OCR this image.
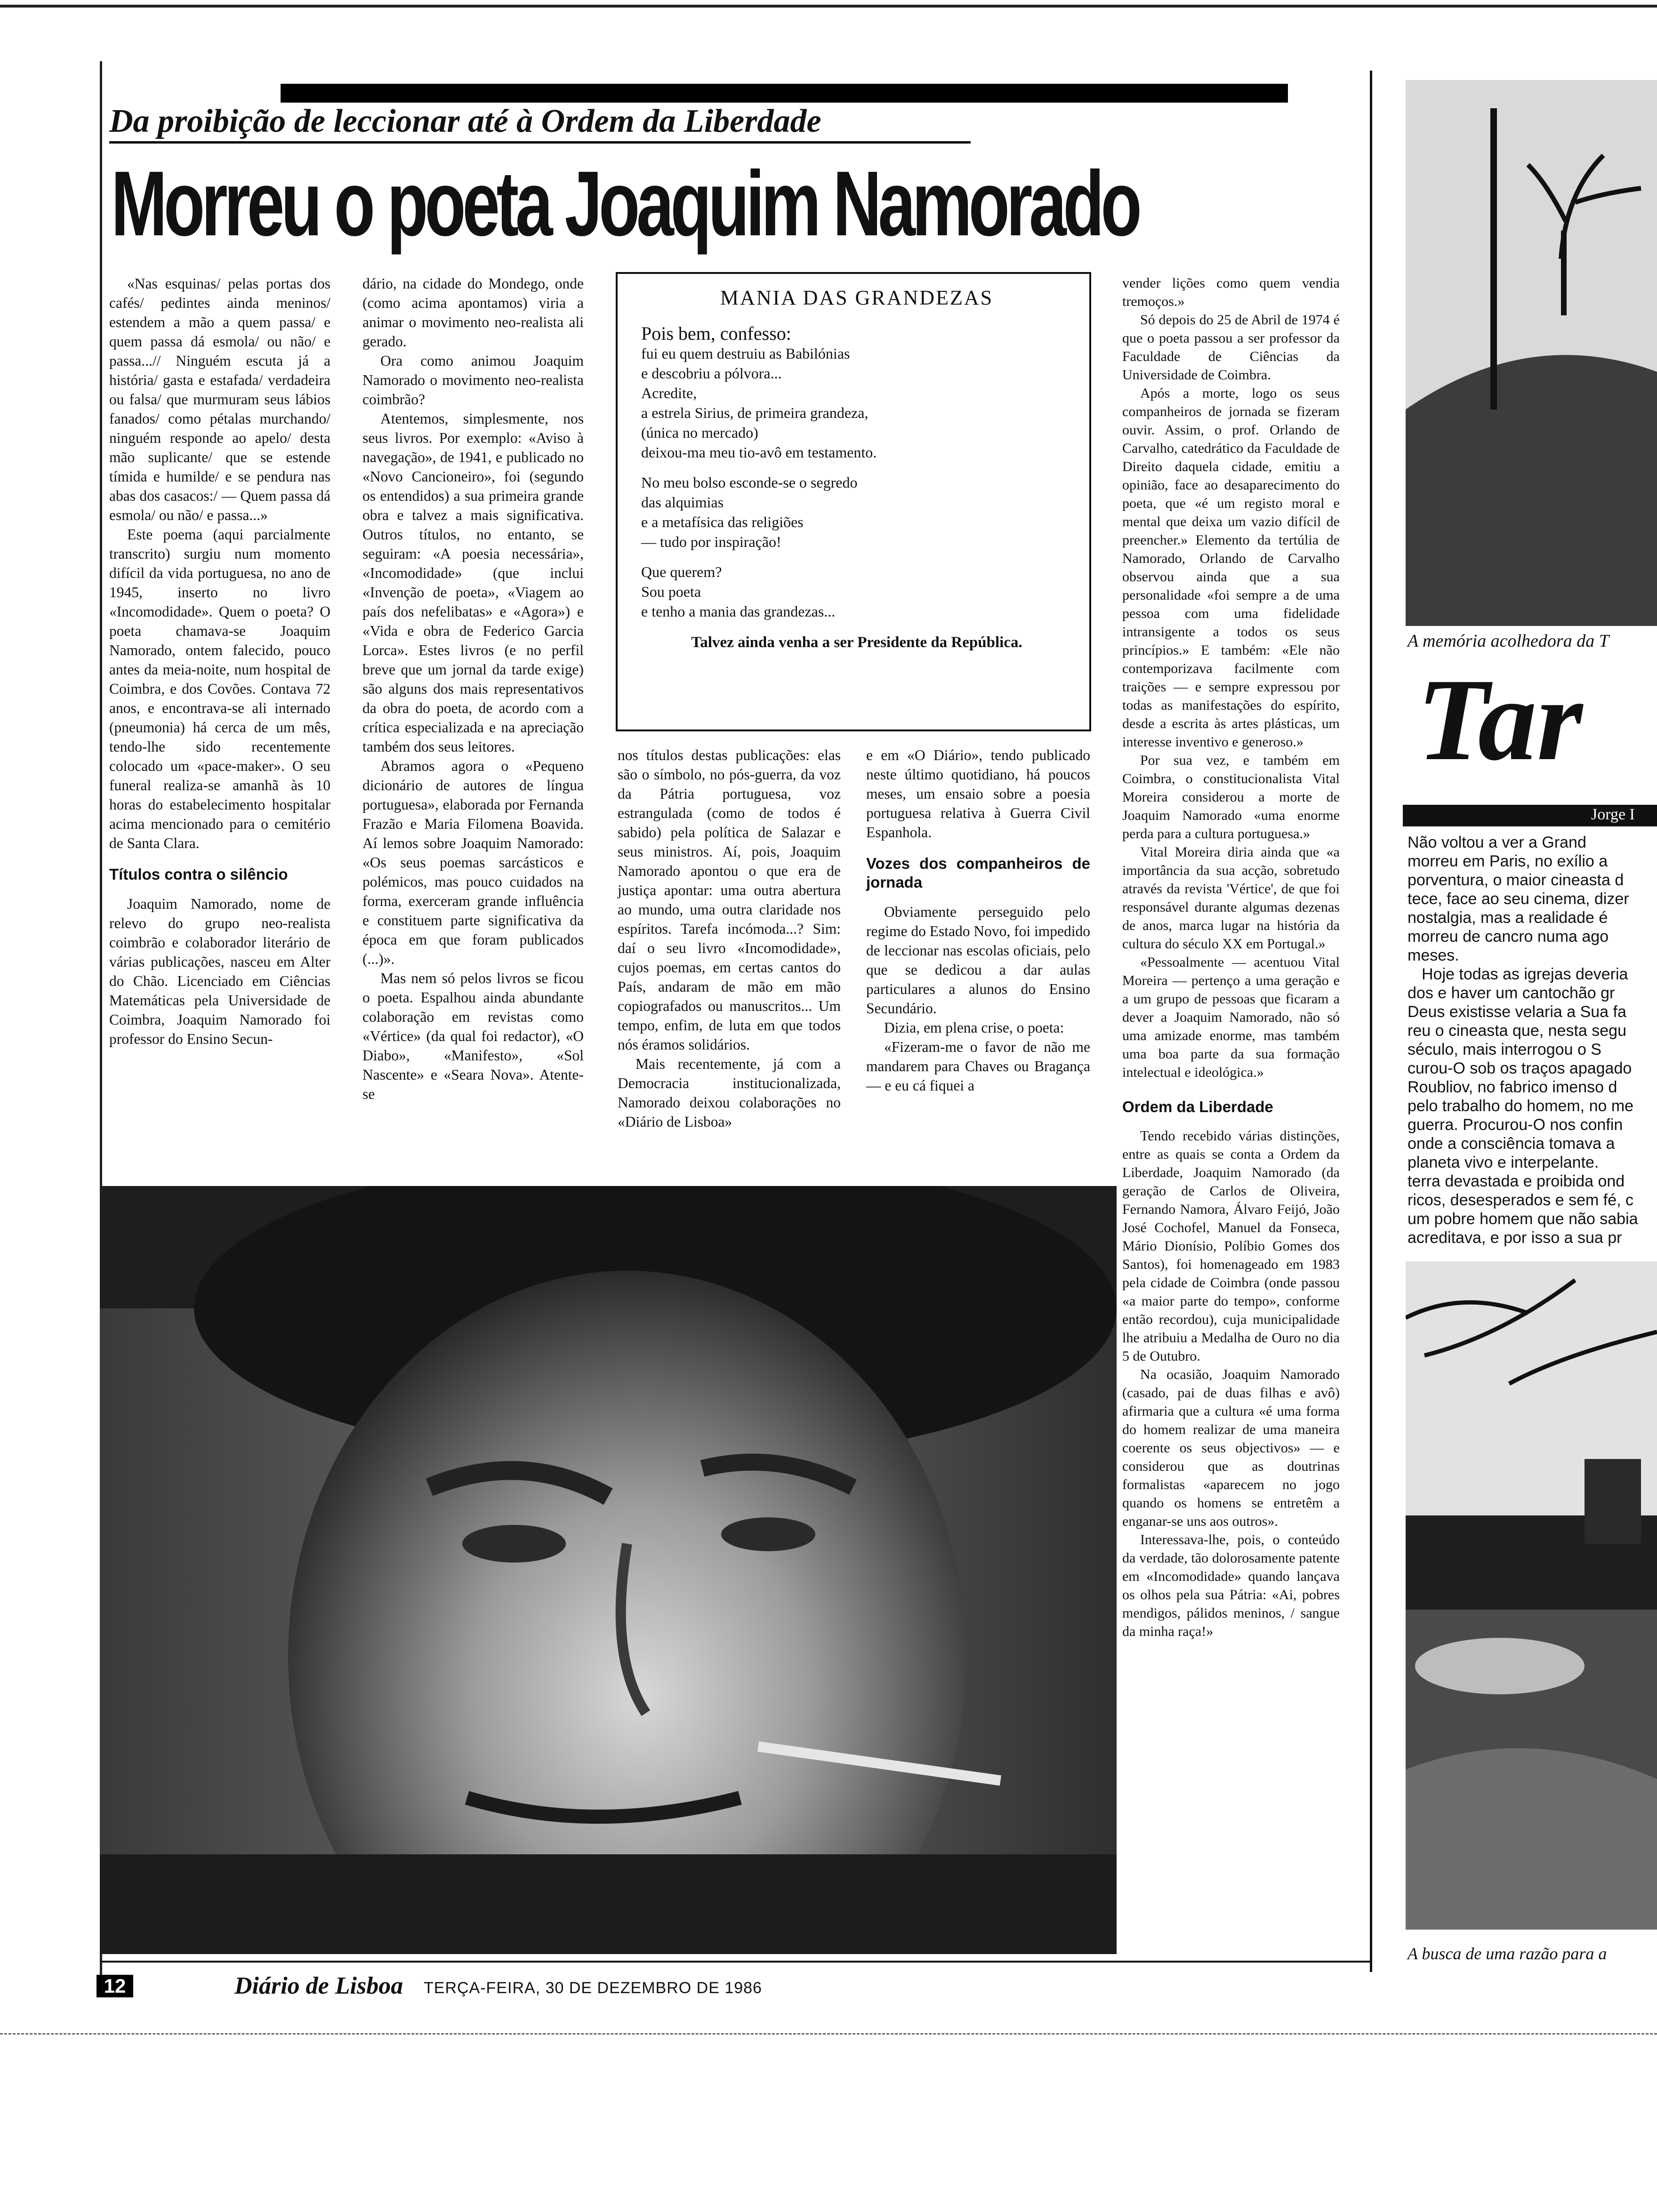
Da proibição de leccionar até à Ordem da Liberdade
Morreu o poeta Joaquim Namorado

«Nas esquinas/ pelas portas dos cafés/ pedintes ainda meninos/ estendem a mão a quem passa/ e quem passa dá esmola/ ou não/ e passa...// Ninguém escuta já a história/ gasta e estafada/ verdadeira ou falsa/ que murmuram seus lábios fanados/ como pétalas murchando/ ninguém responde ao apelo/ desta mão suplicante/ que se estende tímida e humilde/ e se pendura nas abas dos casacos:/ — Quem passa dá esmola/ ou não/ e passa...»

Este poema (aqui parcialmente transcrito) surgiu num momento difícil da vida portuguesa, no ano de 1945, inserto no livro «Incomodidade». Quem o poeta? O poeta chamava-se Joaquim Namorado, ontem falecido, pouco antes da meia-noite, num hospital de Coimbra, e dos Covões. Contava 72 anos, e encontrava-se ali internado (pneumonia) há cerca de um mês, tendo-lhe sido recentemente colocado um «pace-maker». O seu funeral realiza-se amanhã às 10 horas do estabelecimento hospitalar acima mencionado para o cemitério de Santa Clara.

Títulos contra o silêncio

Joaquim Namorado, nome de relevo do grupo neo-realista coimbrão e colaborador literário de várias publicações, nasceu em Alter do Chão. Licenciado em Ciências Matemáticas pela Universidade de Coimbra, Joaquim Namorado foi professor do Ensino Secun-

dário, na cidade do Mondego, onde (como acima apontamos) viria a animar o movimento neo-realista ali gerado.

Ora como animou Joaquim Namorado o movimento neo-realista coimbrão?

Atentemos, simplesmente, nos seus livros. Por exemplo: «Aviso à navegação», de 1941, e publicado no «Novo Cancioneiro», foi (segundo os entendidos) a sua primeira grande obra e talvez a mais significativa. Outros títulos, no entanto, se seguiram: «A poesia necessária», «Incomodidade» (que inclui «Invenção de poeta», «Viagem ao país dos nefelibatas» e «Agora») e «Vida e obra de Federico Garcia Lorca». Estes livros (e no perfil breve que um jornal da tarde exige) são alguns dos mais representativos da obra do poeta, de acordo com a crítica especializada e na apreciação também dos seus leitores.

Abramos agora o «Pequeno dicionário de autores de língua portuguesa», elaborada por Fernanda Frazão e Maria Filomena Boavida. Aí lemos sobre Joaquim Namorado: «Os seus poemas sarcásticos e polémicos, mas pouco cuidados na forma, exerceram grande influência e constituem parte significativa da época em que foram publicados (...)».

Mas nem só pelos livros se ficou o poeta. Espalhou ainda abundante colaboração em revistas como «Vértice» (da qual foi redactor), «O Diabo», «Manifesto», «Sol Nascente» e «Seara Nova». Atente-se

MANIA DAS GRANDEZAS
Pois bem, confesso:
fui eu quem destruiu as Babilónias
e descobriu a pólvora...
Acredite,
a estrela Sirius, de primeira grandeza,
(única no mercado)
deixou-ma meu tio-avô em testamento.
No meu bolso esconde-se o segredo
das alquimias
e a metafísica das religiões
— tudo por inspiração!
Que querem?
Sou poeta
e tenho a mania das grandezas...
Talvez ainda venha a ser Presidente da República.

nos títulos destas publicações: elas são o símbolo, no pós-guerra, da voz da Pátria portuguesa, voz estrangulada (como de todos é sabido) pela política de Salazar e seus ministros. Aí, pois, Joaquim Namorado apontou o que era de justiça apontar: uma outra abertura ao mundo, uma outra claridade nos espíritos. Tarefa incómoda...? Sim: daí o seu livro «Incomodidade», cujos poemas, em certas cantos do País, andaram de mão em mão copiografados ou manuscritos... Um tempo, enfim, de luta em que todos nós éramos solidários.

Mais recentemente, já com a Democracia institucionalizada, Namorado deixou colaborações no «Diário de Lisboa»

e em «O Diário», tendo publicado neste último quotidiano, há poucos meses, um ensaio sobre a poesia portuguesa relativa à Guerra Civil Espanhola.

Vozes dos companheiros de jornada

Obviamente perseguido pelo regime do Estado Novo, foi impedido de leccionar nas escolas oficiais, pelo que se dedicou a dar aulas particulares a alunos do Ensino Secundário.

Dizia, em plena crise, o poeta:

«Fizeram-me o favor de não me mandarem para Chaves ou Bragança — e eu cá fiquei a

vender lições como quem vendia tremoços.»

Só depois do 25 de Abril de 1974 é que o poeta passou a ser professor da Faculdade de Ciências da Universidade de Coimbra.

Após a morte, logo os seus companheiros de jornada se fizeram ouvir. Assim, o prof. Orlando de Carvalho, catedrático da Faculdade de Direito daquela cidade, emitiu a opinião, face ao desaparecimento do poeta, que «é um registo moral e mental que deixa um vazio difícil de preencher.» Elemento da tertúlia de Namorado, Orlando de Carvalho observou ainda que a sua personalidade «foi sempre a de uma pessoa com uma fidelidade intransigente a todos os seus princípios.» E também: «Ele não contemporizava facilmente com traições — e sempre expressou por todas as manifestações do espírito, desde a escrita às artes plásticas, um interesse inventivo e generoso.»

Por sua vez, e também em Coimbra, o constitucionalista Vital Moreira considerou a morte de Joaquim Namorado «uma enorme perda para a cultura portuguesa.»

Vital Moreira diria ainda que «a importância da sua acção, sobretudo através da revista 'Vértice', de que foi responsável durante algumas dezenas de anos, marca lugar na história da cultura do século XX em Portugal.»

«Pessoalmente — acentuou Vital Moreira — pertenço a uma geração e a um grupo de pessoas que ficaram a dever a Joaquim Namorado, não só uma amizade enorme, mas também uma boa parte da sua formação intelectual e ideológica.»

Ordem da Liberdade

Tendo recebido várias distinções, entre as quais se conta a Ordem da Liberdade, Joaquim Namorado (da geração de Carlos de Oliveira, Fernando Namora, Álvaro Feijó, João José Cochofel, Manuel da Fonseca, Mário Dionísio, Políbio Gomes dos Santos), foi homenageado em 1983 pela cidade de Coimbra (onde passou «a maior parte do tempo», conforme então recordou), cuja municipalidade lhe atribuiu a Medalha de Ouro no dia 5 de Outubro.

Na ocasião, Joaquim Namorado (casado, pai de duas filhas e avô) afirmaria que a cultura «é uma forma do homem realizar de uma maneira coerente os seus objectivos» — e considerou que as doutrinas formalistas «aparecem no jogo quando os homens se entretêm a enganar-se uns aos outros».

Interessava-lhe, pois, o conteúdo da verdade, tão dolorosamente patente em «Incomodidade» quando lançava os olhos pela sua Pátria: «Ai, pobres mendigos, pálidos meninos, / sangue da minha raça!»

A memória acolhedora da T
Tar
Jorge I
Não voltou a ver a Grand
morreu em Paris, no exílio a
porventura, o maior cineasta d
tece, face ao seu cinema, dizer
nostalgia, mas a realidade é
morreu de cancro numa ago
meses.
Hoje todas as igrejas deveria
dos e haver um cantochão gr
Deus existisse velaria a Sua fa
reu o cineasta que, nesta segu
século, mais interrogou o S
curou-O sob os traços apagado
Roubliov, no fabrico imenso d
pelo trabalho do homem, no me
guerra. Procurou-O nos confin
onde a consciência tomava a
planeta vivo e interpelante.
terra devastada e proibida ond
ricos, desesperados e sem fé, c
um pobre homem que não sabia
acreditava, e por isso a sua pr
A busca de uma razão para a
12	Diário de Lisboa TERÇA-FEIRA, 30 DE DEZEMBRO DE 1986
